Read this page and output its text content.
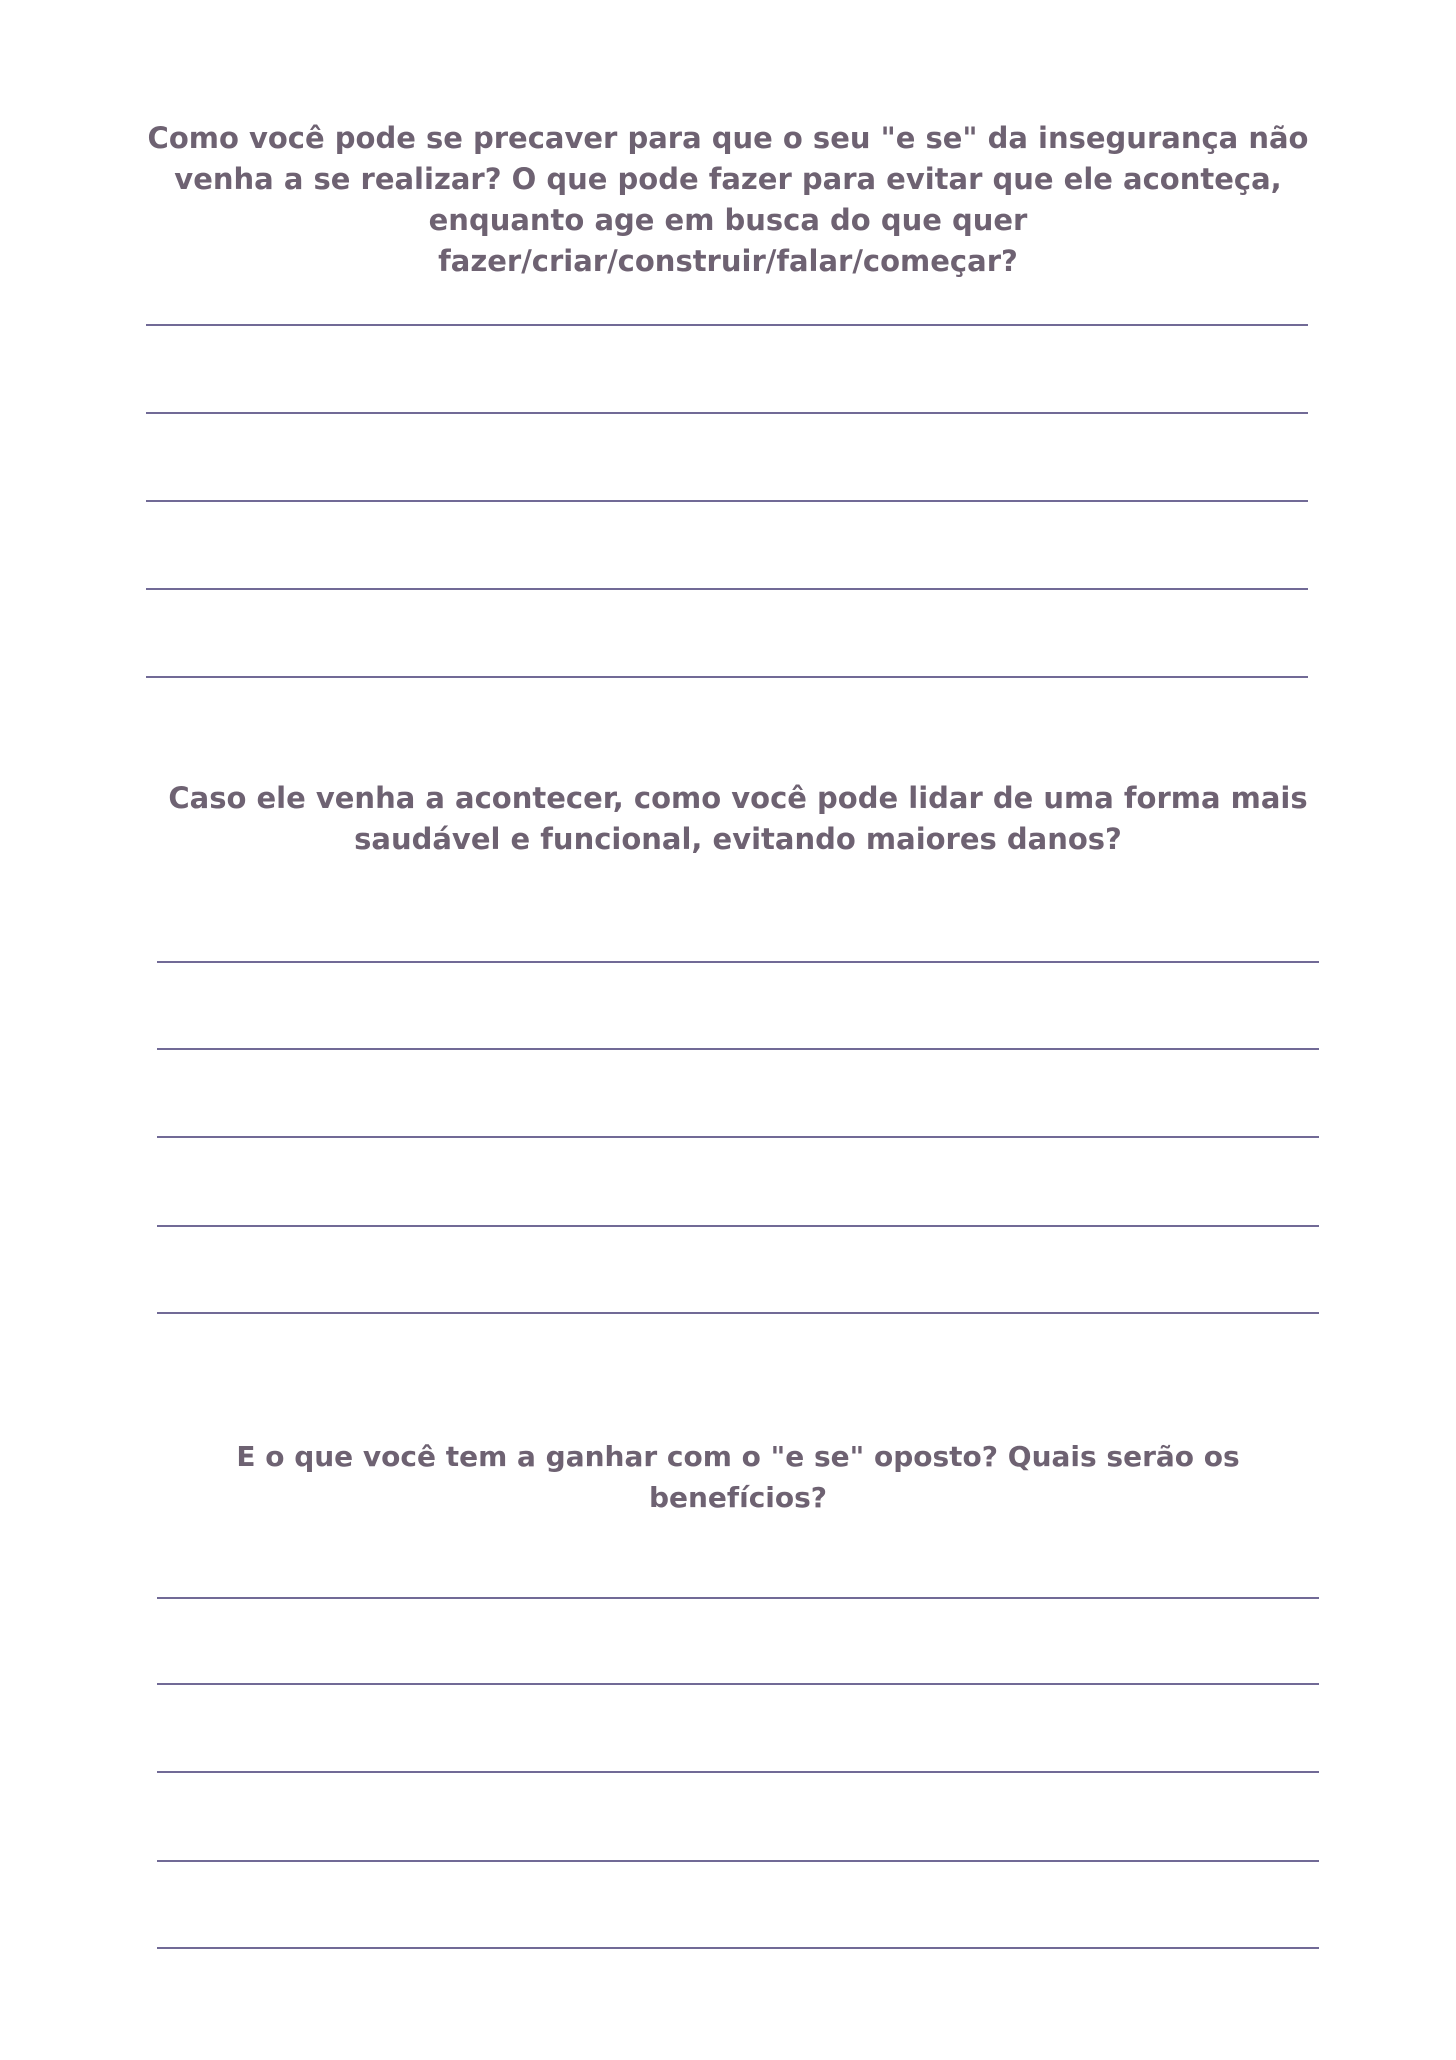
Como você pode se precaver para que o seu "e se" da insegurança não venha a se realizar? O que pode fazer para evitar que ele aconteça, enquanto age em busca do que quer fazer/criar/construir/falar/começar?

Caso ele venha a acontecer, como você pode lidar de uma forma mais saudável e funcional, evitando maiores danos?

E o que você tem a ganhar com o "e se" oposto? Quais serão os benefícios?
